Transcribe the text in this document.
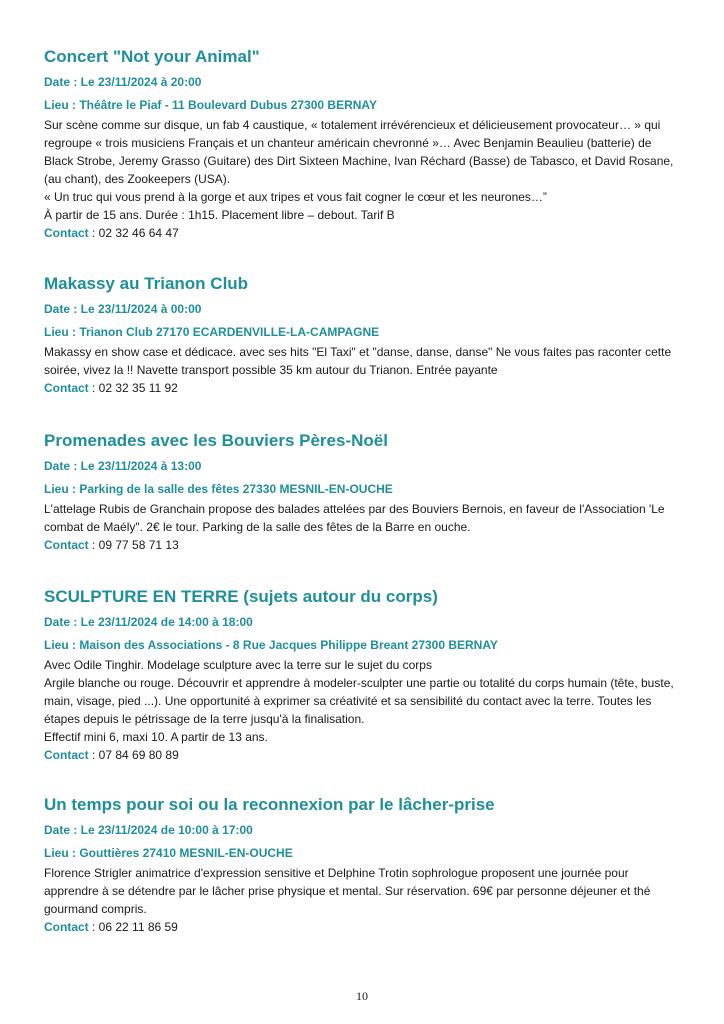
Concert "Not your Animal"
Date : Le 23/11/2024 à 20:00
Lieu : Théâtre le Piaf - 11 Boulevard Dubus 27300 BERNAY

Sur scène comme sur disque, un fab 4 caustique, « totalement irrévérencieux et délicieusement provocateur… » qui regroupe « trois musiciens Français et un chanteur américain chevronné »… Avec Benjamin Beaulieu (batterie) de Black Strobe, Jeremy Grasso (Guitare) des Dirt Sixteen Machine, Ivan Réchard (Basse) de Tabasco, et David Rosane, (au chant), des Zookeepers (USA).

« Un truc qui vous prend à la gorge et aux tripes et vous fait cogner le cœur et les neurones…”

À partir de 15 ans. Durée : 1h15. Placement libre – debout. Tarif B

Contact : 02 32 46 64 47

Makassy au Trianon Club
Date : Le 23/11/2024 à 00:00
Lieu : Trianon Club 27170 ECARDENVILLE-LA-CAMPAGNE

Makassy en show case et dédicace. avec ses hits "El Taxi" et "danse, danse, danse" Ne vous faites pas raconter cette soirée, vivez la !! Navette transport possible 35 km autour du Trianon. Entrée payante

Contact : 02 32 35 11 92

Promenades avec les Bouviers Pères-Noël
Date : Le 23/11/2024 à 13:00
Lieu : Parking de la salle des fêtes 27330 MESNIL-EN-OUCHE

L'attelage Rubis de Granchain propose des balades attelées par des Bouviers Bernois, en faveur de l'Association 'Le combat de Maély". 2€ le tour. Parking de la salle des fêtes de la Barre en ouche.

Contact : 09 77 58 71 13

SCULPTURE EN TERRE (sujets autour du corps)
Date : Le 23/11/2024 de 14:00 à 18:00
Lieu : Maison des Associations - 8 Rue Jacques Philippe Breant 27300 BERNAY

Avec Odile Tinghir. Modelage sculpture avec la terre sur le sujet du corps

Argile blanche ou rouge. Découvrir et apprendre à modeler-sculpter une partie ou totalité du corps humain (tête, buste, main, visage, pied ...). Une opportunité à exprimer sa créativité et sa sensibilité du contact avec la terre. Toutes les étapes depuis le pétrissage de la terre jusqu'à la finalisation.

Effectif mini 6, maxi 10. A partir de 13 ans.

Contact : 07 84 69 80 89

Un temps pour soi ou la reconnexion par le lâcher-prise
Date : Le 23/11/2024 de 10:00 à 17:00
Lieu : Gouttières 27410 MESNIL-EN-OUCHE

Florence Strigler animatrice d'expression sensitive et Delphine Trotin sophrologue proposent une journée pour apprendre à se détendre par le lâcher prise physique et mental. Sur réservation. 69€ par personne déjeuner et thé gourmand compris.

Contact : 06 22 11 86 59

10
